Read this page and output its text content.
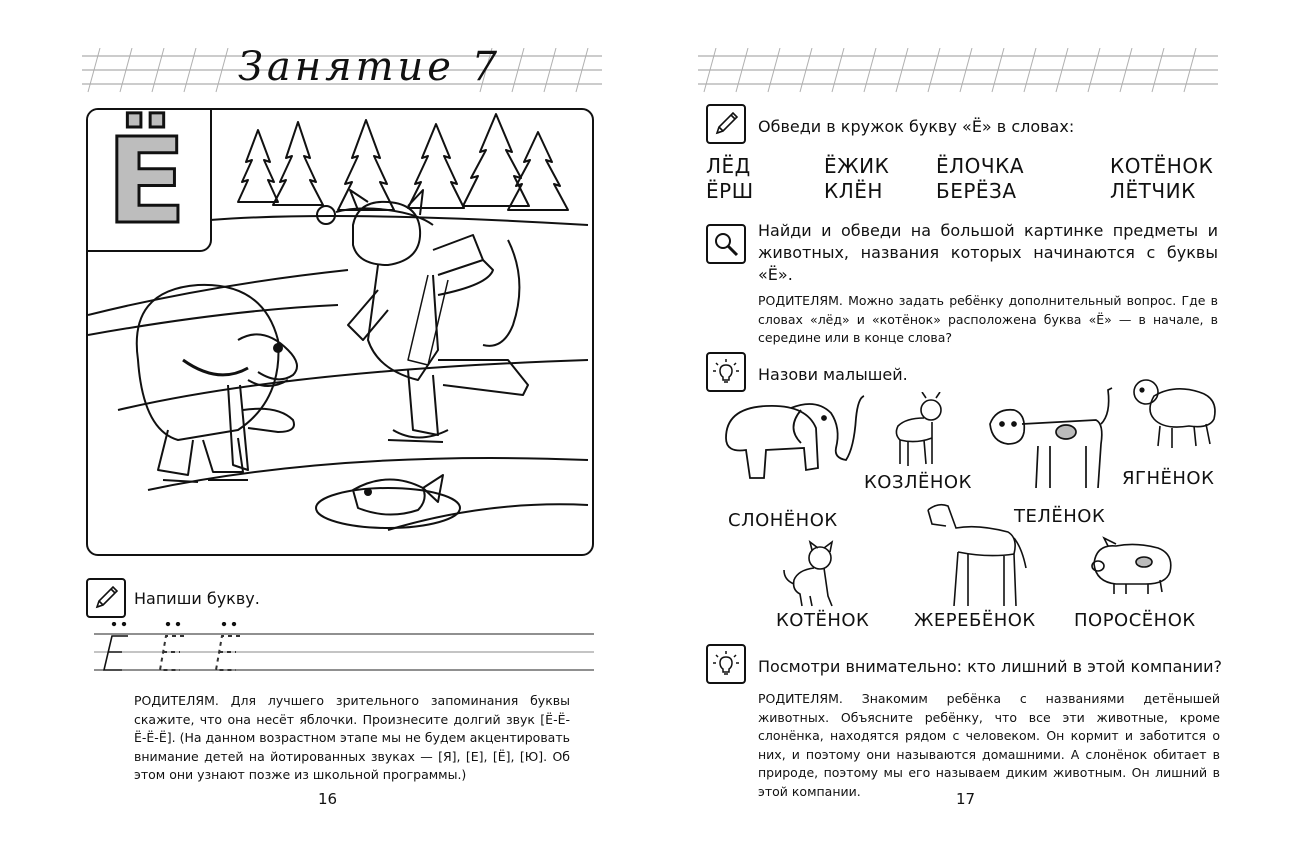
Занятие 7
Ё
Напиши букву.
РОДИТЕЛЯМ. Для лучшего зрительного запоминания буквы скажите, что она несёт яблочки. Произнесите долгий звук [Ё-Ё-Ё-Ё-Ё]. (На данном возрастном этапе мы не будем акцентировать внимание детей на йотированных звуках — [Я], [Е], [Ё], [Ю]. Об этом они узнают позже из школьной программы.)
16
Обведи в кружок букву «Ё» в словах:
ЛЁД	ЁЖИК ЁЛОЧКА	КОТЁНОК
ЁРШ	КЛЁН	БЕРЁЗА	ЛЁТЧИК
Найди и обведи на большой картинке предметы и животных, названия которых начинаются с буквы «Ё».
РОДИТЕЛЯМ. Можно задать ребёнку дополнительный вопрос. Где в словах «лёд» и «котёнок» расположена буква «Ё» — в начале, в середине или в конце слова?
Назови малышей.
СЛОНЁНОК
КОЗЛЁНОК
ТЕЛЁНОК
ЯГНЁНОК
КОТЁНОК ЖЕРЕБЁНОК ПОРОСЁНОК
Посмотри внимательно: кто лишний в этой компании?
РОДИТЕЛЯМ. Знакомим ребёнка с названиями детёнышей животных. Объясните ребёнку, что все эти животные, кроме слонёнка, находятся рядом с человеком. Он кормит и заботится о них, и поэтому они называются домашними. А слонёнок обитает в природе, поэтому мы его называем диким животным. Он лишний в этой компании.	17
